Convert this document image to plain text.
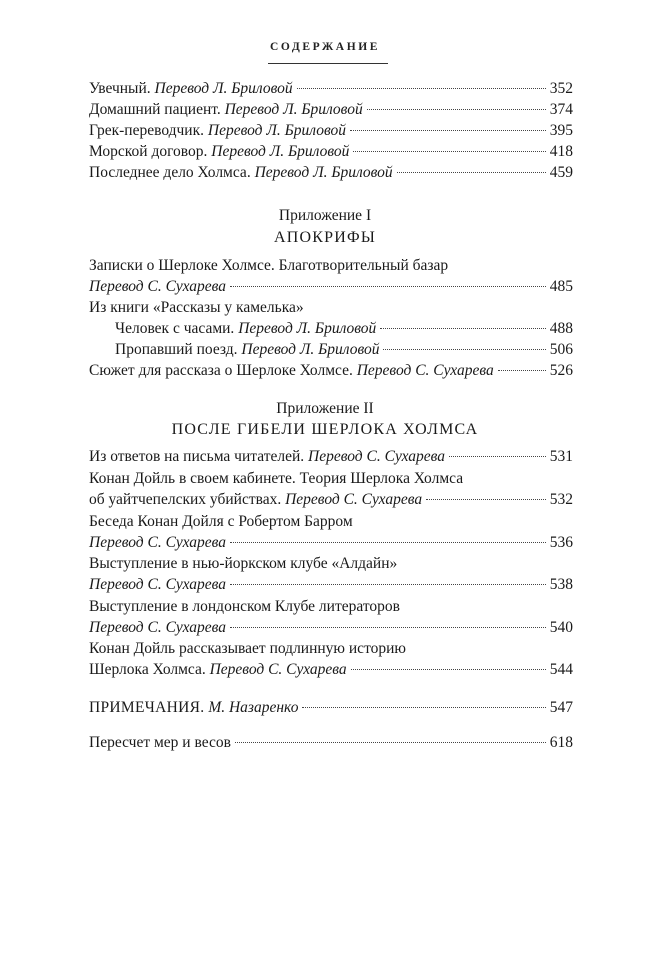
СОДЕРЖАНИЕ
Увечный. Перевод Л. Бриловой	352
Домашний пациент. Перевод Л. Бриловой	374
Грек-переводчик. Перевод Л. Бриловой	395
Морской договор. Перевод Л. Бриловой	418
Последнее дело Холмса. Перевод Л. Бриловой	459
Приложение I
АПОКРИФЫ
Записки о Шерлоке Холмсе. Благотворительный базар
Перевод С. Сухарева	485
Из книги «Рассказы у камелька»
Человек с часами. Перевод Л. Бриловой	488
Пропавший поезд. Перевод Л. Бриловой	506
Сюжет для рассказа о Шерлоке Холмсе. Перевод С. Сухарева	526
Приложение II
ПОСЛЕ ГИБЕЛИ ШЕРЛОКА ХОЛМСА
Из ответов на письма читателей. Перевод С. Сухарева	531
Конан Дойль в своем кабинете. Теория Шерлока Холмса
об уайтчепелских убийствах. Перевод С. Сухарева	532
Беседа Конан Дойля с Робертом Барром
Перевод С. Сухарева	536
Выступление в нью-йоркском клубе «Алдайн»
Перевод С. Сухарева	538
Выступление в лондонском Клубе литераторов
Перевод С. Сухарева	540
Конан Дойль рассказывает подлинную историю
Шерлока Холмса. Перевод С. Сухарева	544
ПРИМЕЧАНИЯ. М. Назаренко	547
Пересчет мер и весов	618
